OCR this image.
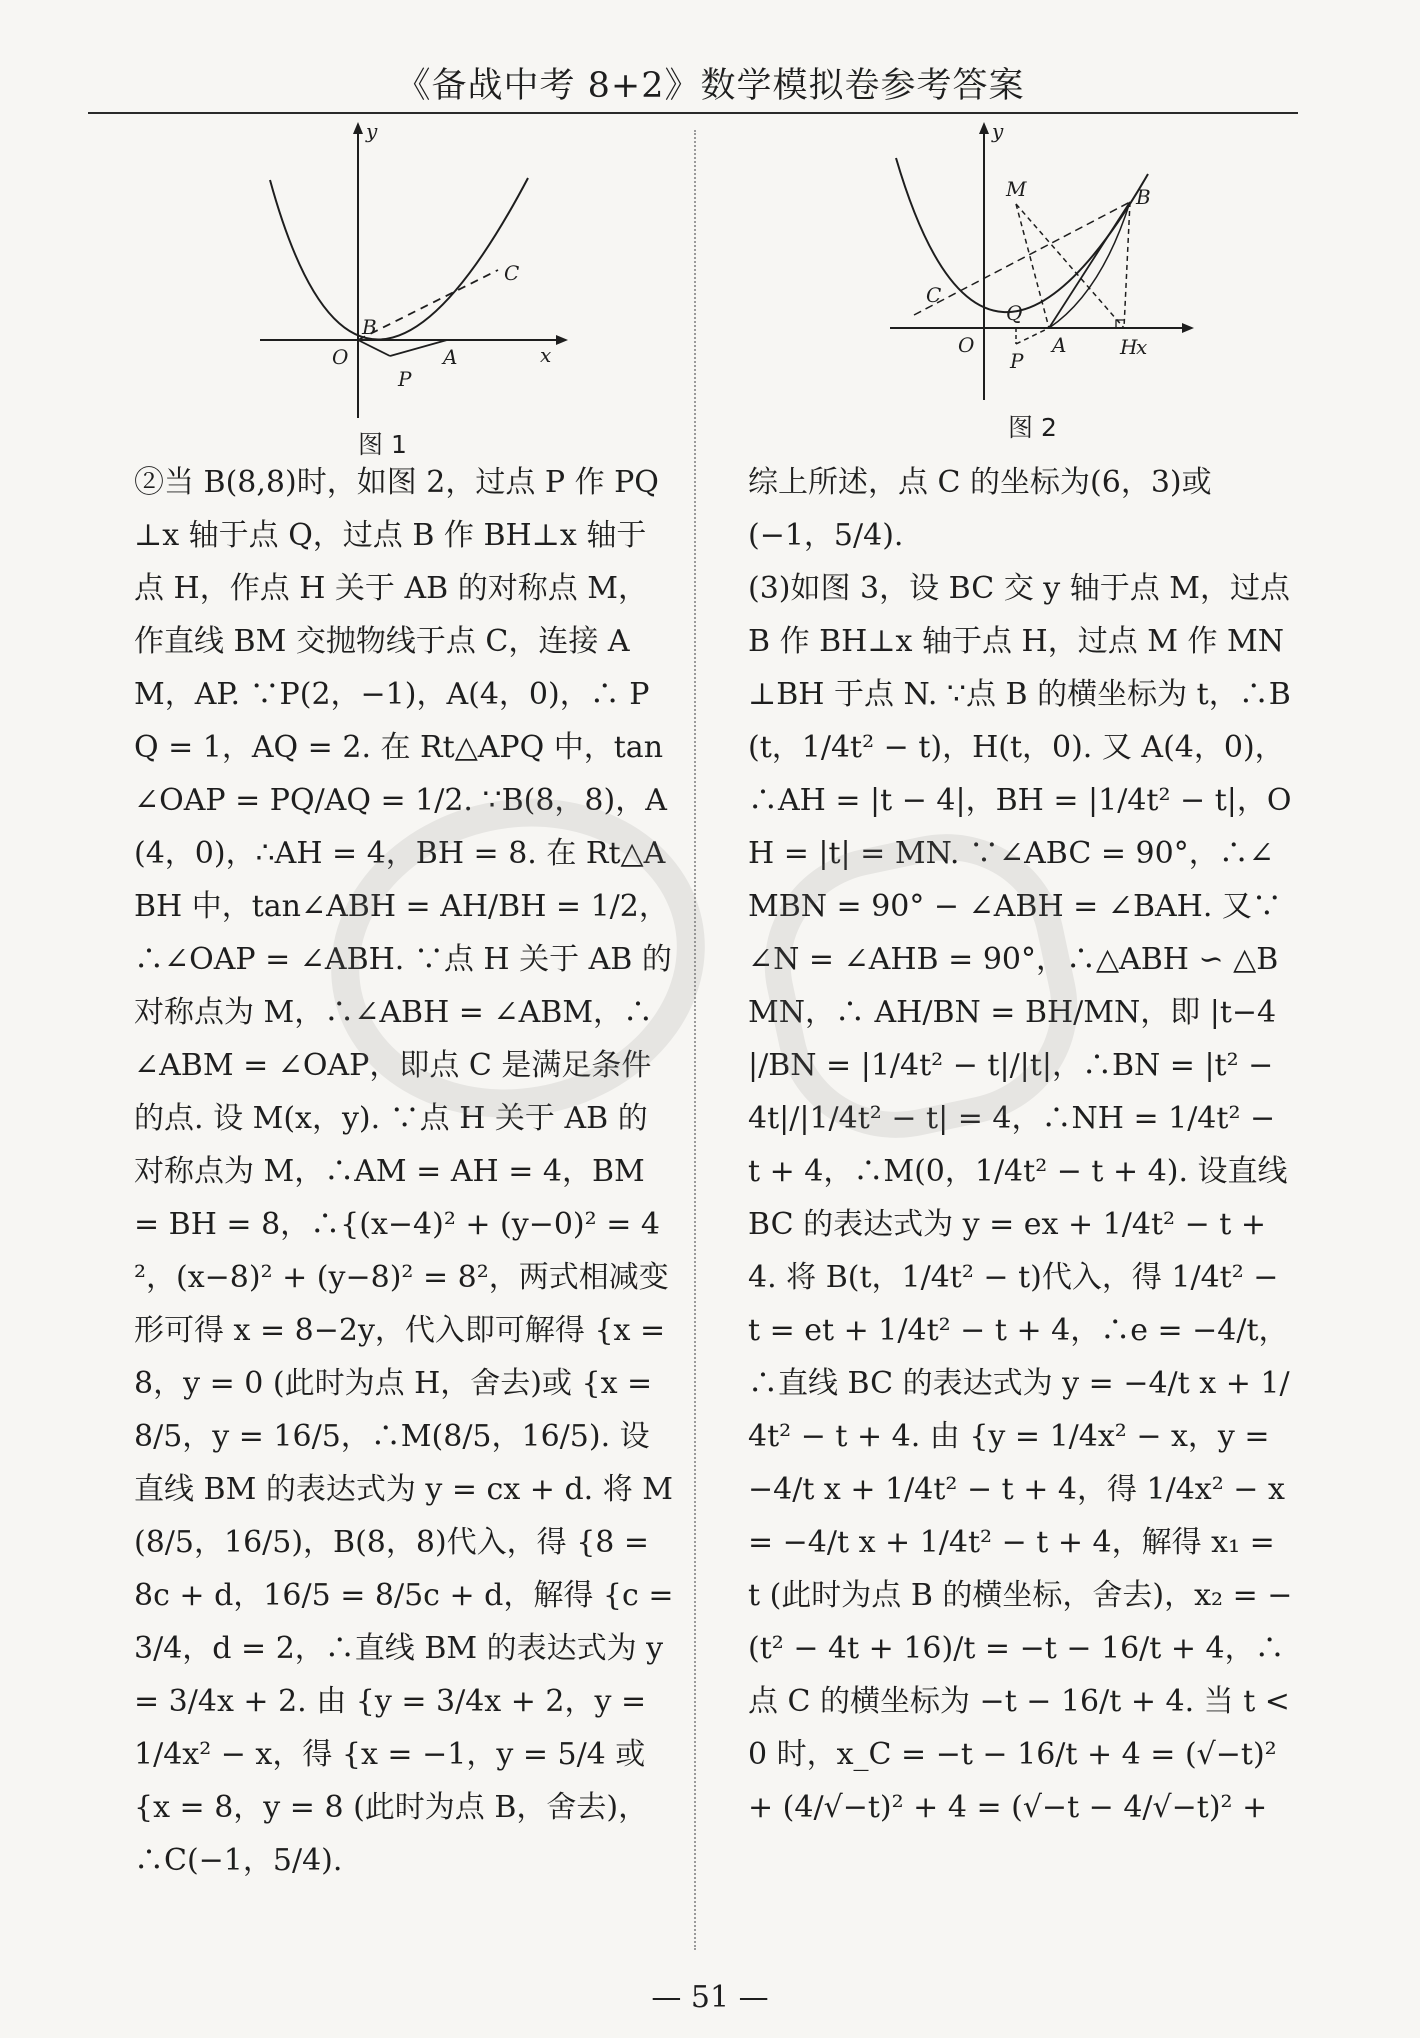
《备战中考 8+2》数学模拟卷参考答案
y
x
O
B
C
A
P
图 1
y
x
O
B
M
C
Q
A
P
H
图 2

②当 B(8,8)时，如图 2，过点 P 作 PQ⊥x 轴于点 Q，过点 B 作 BH⊥x 轴于点 H，作点 H 关于 AB 的对称点 M，作直线 BM 交抛物线于点 C，连接 AM，AP. ∵P(2，−1)，A(4，0)，∴ PQ = 1，AQ = 2. 在 Rt△APQ 中，tan∠OAP = PQ/AQ = 1/2. ∵B(8，8)，A(4，0)，∴AH = 4，BH = 8. 在 Rt△ABH 中，tan∠ABH = AH/BH = 1/2，∴∠OAP = ∠ABH. ∵点 H 关于 AB 的对称点为 M，∴∠ABH = ∠ABM，∴∠ABM = ∠OAP，即点 C 是满足条件的点. 设 M(x，y). ∵点 H 关于 AB 的对称点为 M，∴AM = AH = 4，BM = BH = 8，∴{(x−4)² + (y−0)² = 4²，(x−8)² + (y−8)² = 8²，两式相减变形可得 x = 8−2y，代入即可解得 {x = 8，y = 0 (此时为点 H，舍去)或 {x = 8/5，y = 16/5，∴M(8/5，16/5). 设直线 BM 的表达式为 y = cx + d. 将 M(8/5，16/5)，B(8，8)代入，得 {8 = 8c + d，16/5 = 8/5c + d，解得 {c = 3/4，d = 2，∴直线 BM 的表达式为 y = 3/4x + 2. 由 {y = 3/4x + 2，y = 1/4x² − x，得 {x = −1，y = 5/4 或 {x = 8，y = 8 (此时为点 B，舍去)，∴C(−1，5/4).

综上所述，点 C 的坐标为(6，3)或(−1，5/4).

(3)如图 3，设 BC 交 y 轴于点 M，过点 B 作 BH⊥x 轴于点 H，过点 M 作 MN⊥BH 于点 N. ∵点 B 的横坐标为 t，∴B(t，1/4t² − t)，H(t，0). 又 A(4，0)，∴AH = |t − 4|，BH = |1/4t² − t|，OH = |t| = MN. ∵∠ABC = 90°，∴∠MBN = 90° − ∠ABH = ∠BAH. 又∵∠N = ∠AHB = 90°，∴△ABH ∽ △BMN，∴ AH/BN = BH/MN，即 |t−4|/BN = |1/4t² − t|/|t|，∴BN = |t² − 4t|/|1/4t² − t| = 4，∴NH = 1/4t² − t + 4，∴M(0，1/4t² − t + 4). 设直线 BC 的表达式为 y = ex + 1/4t² − t + 4. 将 B(t，1/4t² − t)代入，得 1/4t² − t = et + 1/4t² − t + 4，∴e = −4/t，∴直线 BC 的表达式为 y = −4/t x + 1/4t² − t + 4. 由 {y = 1/4x² − x，y = −4/t x + 1/4t² − t + 4，得 1/4x² − x = −4/t x + 1/4t² − t + 4，解得 x₁ = t (此时为点 B 的横坐标，舍去)，x₂ = −(t² − 4t + 16)/t = −t − 16/t + 4，∴点 C 的横坐标为 −t − 16/t + 4. 当 t < 0 时，x_C = −t − 16/t + 4 = (√−t)² + (4/√−t)² + 4 = (√−t − 4/√−t)² +

— 51 —
